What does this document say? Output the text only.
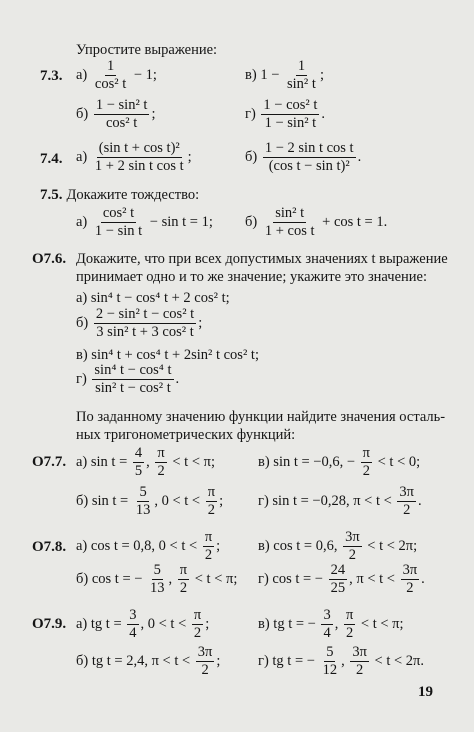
Упростите выражение:
7.3. $а) \frac{1}{\text{cos² t}} - 1$;	в) $1 - \frac{1}{\text{sin² t}}$ ;
$б) \frac{\text{1 − sin² t}}{\text{cos² t}}$ ;	$г) \frac{\text{1 − cos² t}}{\text{1 − sin² t}}$ .
7.4. $а) \frac{\text{(sin t + cos t)²}}{\text{1 + 2 sin t cos t}}$ ;	$б) \frac{\text{1 − 2 sin t cos t}}{\text{(cos t − sin t)²}}$ .
7.5. Докажите тождество:
$а) \frac{\text{cos² t}}{\text{1 − sin t}} - \sin t = 1$; $б) \frac{\text{sin² t}}{\text{1 + cos t}} + \cos t = 1$.
О7.6. Докажите, что при всех допустимых значениях t выражение
принимает одно и то же значение; укажите это значение:
а) sin⁴ t − cos⁴ t + 2 cos² t;
$б) \frac{\text{2 − sin² t − cos² t}}{\text{3 sin² t + 3 cos² t}}$ ;
в) sin⁴ t + cos⁴ t + 2sin² t cos² t;
$г) \frac{\text{sin⁴ t − cos⁴ t}}{\text{sin² t − cos² t}}$ .
По заданному значению функции найдите значения осталь-
ных тригонометрических функций:
О7.7. а) $\sin t = \frac{4}{5}$ , $\frac{\pi}{2} < t < \pi$;	в) sin t = −0,6, − $\frac{\pi}{2} < t < 0$;
б) $\sin t = \frac{5}{13}$ , $0 < t < \frac{\pi}{2}$ ; г) sin t = −0,28, $\pi < t < \frac{3\pi}{2}$ .
О7.8. а) cos t = 0,8, $0 < t < \frac{\pi}{2}$ ;	в) cos t = 0,6, $\frac{3\pi}{2} < t < 2\pi$;
б) cos t = − $\frac{5}{13}$ , $\frac{\pi}{2} < t < \pi$; г) cos t = − $\frac{24}{25}$ , $\pi < t < \frac{3\pi}{2}$ .
О7.9. а) tg $t = \frac{3}{4}$ , $0 < t < \frac{\pi}{2}$ ;	в) tg t = − $\frac{3}{4}$ , $\frac{\pi}{2} < t < \pi$;
б) tg t = 2,4, $\pi < t < \frac{3\pi}{2}$ ;	г) tg t = − $\frac{5}{12}$ , $\frac{3\pi}{2} < t < 2\pi$.
19
